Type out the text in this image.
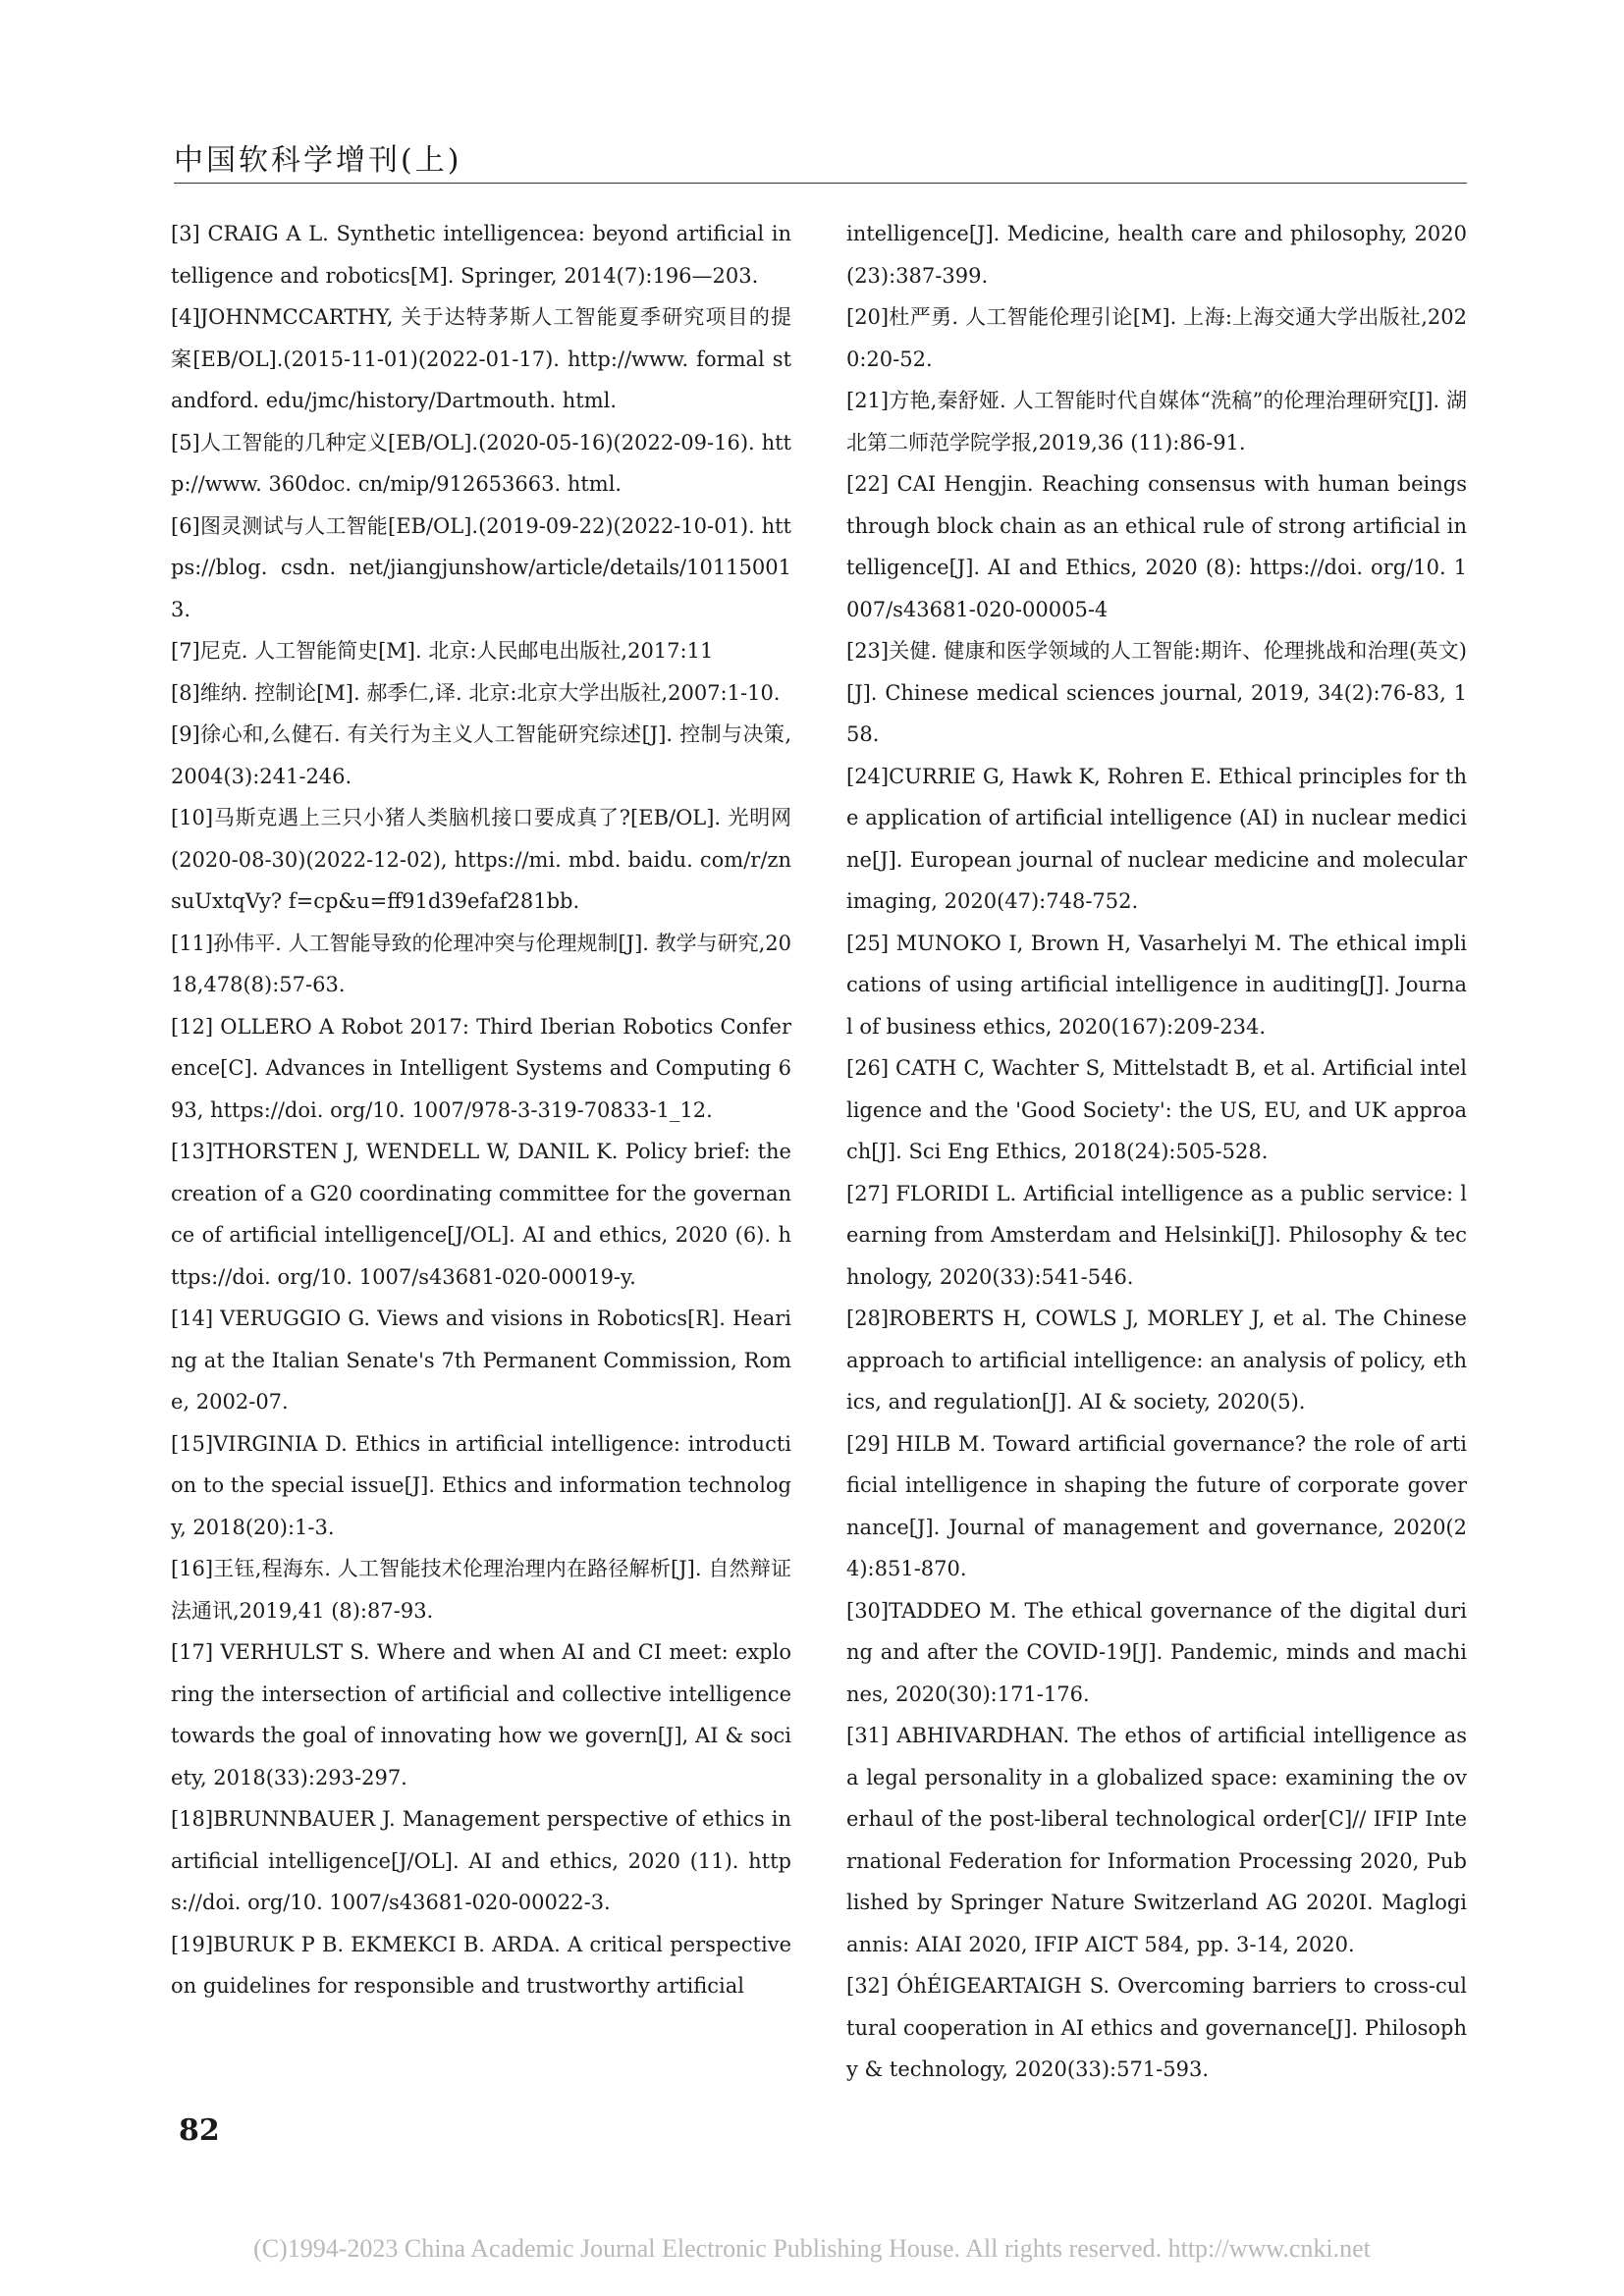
中国软科学增刊(上)
[3] CRAIG A L. Synthetic intelligencea: beyond artificial intelligence and robotics[M]. Springer, 2014(7):196—203.
[4]JOHNMCCARTHY, 关于达特茅斯人工智能夏季研究项目的提案[EB/OL].(2015-11-01)(2022-01-17). http://www. formal standford. edu/jmc/history/Dartmouth. html.
[5]人工智能的几种定义[EB/OL].(2020-05-16)(2022-09-16). http://www. 360doc. cn/mip/912653663. html.
[6]图灵测试与人工智能[EB/OL].(2019-09-22)(2022-10-01). https://blog. csdn. net/jiangjunshow/article/details/101150013.
[7]尼克. 人工智能简史[M]. 北京:人民邮电出版社,2017:11
[8]维纳. 控制论[M]. 郝季仁,译. 北京:北京大学出版社,2007:1-10.
[9]徐心和,么健石. 有关行为主义人工智能研究综述[J]. 控制与决策,2004(3):241-246.
[10]马斯克遇上三只小猪人类脑机接口要成真了?[EB/OL]. 光明网(2020-08-30)(2022-12-02), https://mi. mbd. baidu. com/r/znsuUxtqVy? f=cp&u=ff91d39efaf281bb.
[11]孙伟平. 人工智能导致的伦理冲突与伦理规制[J]. 教学与研究,2018,478(8):57-63.
[12] OLLERO A Robot 2017: Third Iberian Robotics Conference[C]. Advances in Intelligent Systems and Computing 693, https://doi. org/10. 1007/978-3-319-70833-1_12.
[13]THORSTEN J, WENDELL W, DANIL K. Policy brief: the creation of a G20 coordinating committee for the governance of artificial intelligence[J/OL]. AI and ethics, 2020 (6). https://doi. org/10. 1007/s43681-020-00019-y.
[14] VERUGGIO G. Views and visions in Robotics[R]. Hearing at the Italian Senate's 7th Permanent Commission, Rome, 2002-07.
[15]VIRGINIA D. Ethics in artificial intelligence: introduction to the special issue[J]. Ethics and information technology, 2018(20):1-3.
[16]王钰,程海东. 人工智能技术伦理治理内在路径解析[J]. 自然辩证法通讯,2019,41 (8):87-93.
[17] VERHULST S. Where and when AI and CI meet: exploring the intersection of artificial and collective intelligence towards the goal of innovating how we govern[J], AI & society, 2018(33):293-297.
[18]BRUNNBAUER J. Management perspective of ethics in artificial intelligence[J/OL]. AI and ethics, 2020 (11). https://doi. org/10. 1007/s43681-020-00022-3.
[19]BURUK P B. EKMEKCI B. ARDA. A critical perspective on guidelines for responsible and trustworthy artificial
intelligence[J]. Medicine, health care and philosophy, 2020(23):387-399.
[20]杜严勇. 人工智能伦理引论[M]. 上海:上海交通大学出版社,2020:20-52.
[21]方艳,秦舒娅. 人工智能时代自媒体“洗稿”的伦理治理研究[J]. 湖北第二师范学院学报,2019,36 (11):86-91.
[22] CAI Hengjin. Reaching consensus with human beings through block chain as an ethical rule of strong artificial intelligence[J]. AI and Ethics, 2020 (8): https://doi. org/10. 1007/s43681-020-00005-4
[23]关健. 健康和医学领域的人工智能:期许、伦理挑战和治理(英文)[J]. Chinese medical sciences journal, 2019, 34(2):76-83, 158.
[24]CURRIE G, Hawk K, Rohren E. Ethical principles for the application of artificial intelligence (AI) in nuclear medicine[J]. European journal of nuclear medicine and molecular imaging, 2020(47):748-752.
[25] MUNOKO I, Brown H, Vasarhelyi M. The ethical implications of using artificial intelligence in auditing[J]. Journal of business ethics, 2020(167):209-234.
[26] CATH C, Wachter S, Mittelstadt B, et al. Artificial intelligence and the 'Good Society': the US, EU, and UK approach[J]. Sci Eng Ethics, 2018(24):505-528.
[27] FLORIDI L. Artificial intelligence as a public service: learning from Amsterdam and Helsinki[J]. Philosophy & technology, 2020(33):541-546.
[28]ROBERTS H, COWLS J, MORLEY J, et al. The Chinese approach to artificial intelligence: an analysis of policy, ethics, and regulation[J]. AI & society, 2020(5).
[29] HILB M. Toward artificial governance? the role of artificial intelligence in shaping the future of corporate governance[J]. Journal of management and governance, 2020(24):851-870.
[30]TADDEO M. The ethical governance of the digital during and after the COVID-19[J]. Pandemic, minds and machines, 2020(30):171-176.
[31] ABHIVARDHAN. The ethos of artificial intelligence as a legal personality in a globalized space: examining the overhaul of the post-liberal technological order[C]// IFIP International Federation for Information Processing 2020, Published by Springer Nature Switzerland AG 2020I. Maglogiannis: AIAI 2020, IFIP AICT 584, pp. 3-14, 2020.
[32] ÓhÉIGEARTAIGH S. Overcoming barriers to cross-cultural cooperation in AI ethics and governance[J]. Philosophy & technology, 2020(33):571-593.
82
(C)1994-2023 China Academic Journal Electronic Publishing House. All rights reserved. http://www.cnki.net
